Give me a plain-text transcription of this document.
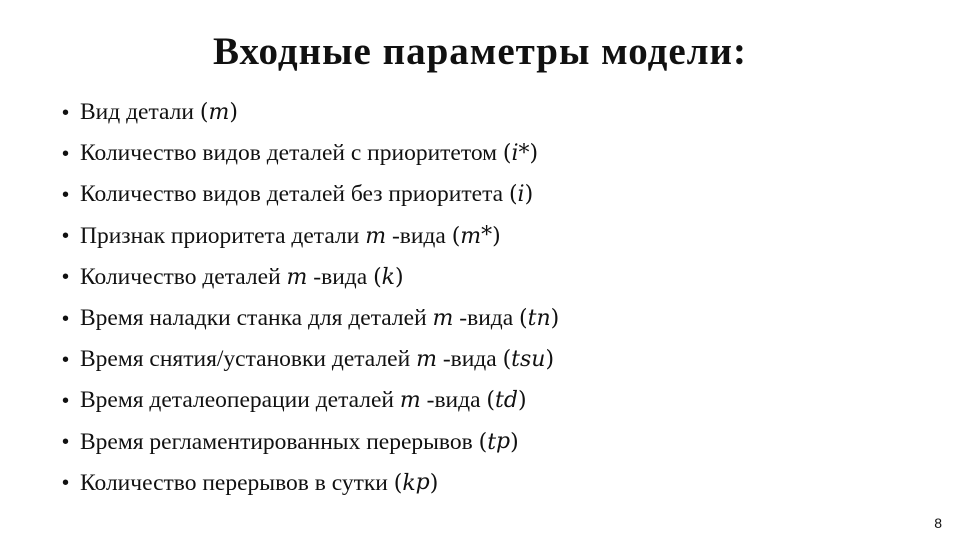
Входные параметры модели:
• Вид детали ( m )
• Количество видов деталей с приоритетом ( i * )
• Количество видов деталей без приоритета ( i )
• Признак приоритета детали m -вида ( m * )
• Количество деталей m -вида ( k )
• Время наладки станка для деталей m -вида ( t n )
• Время снятия/установки деталей m -вида ( t su )
• Время деталеоперации деталей m -вида ( t d )
• Время регламентированных перерывов ( t p )
• Количество перерывов в сутки ( k p )
8
